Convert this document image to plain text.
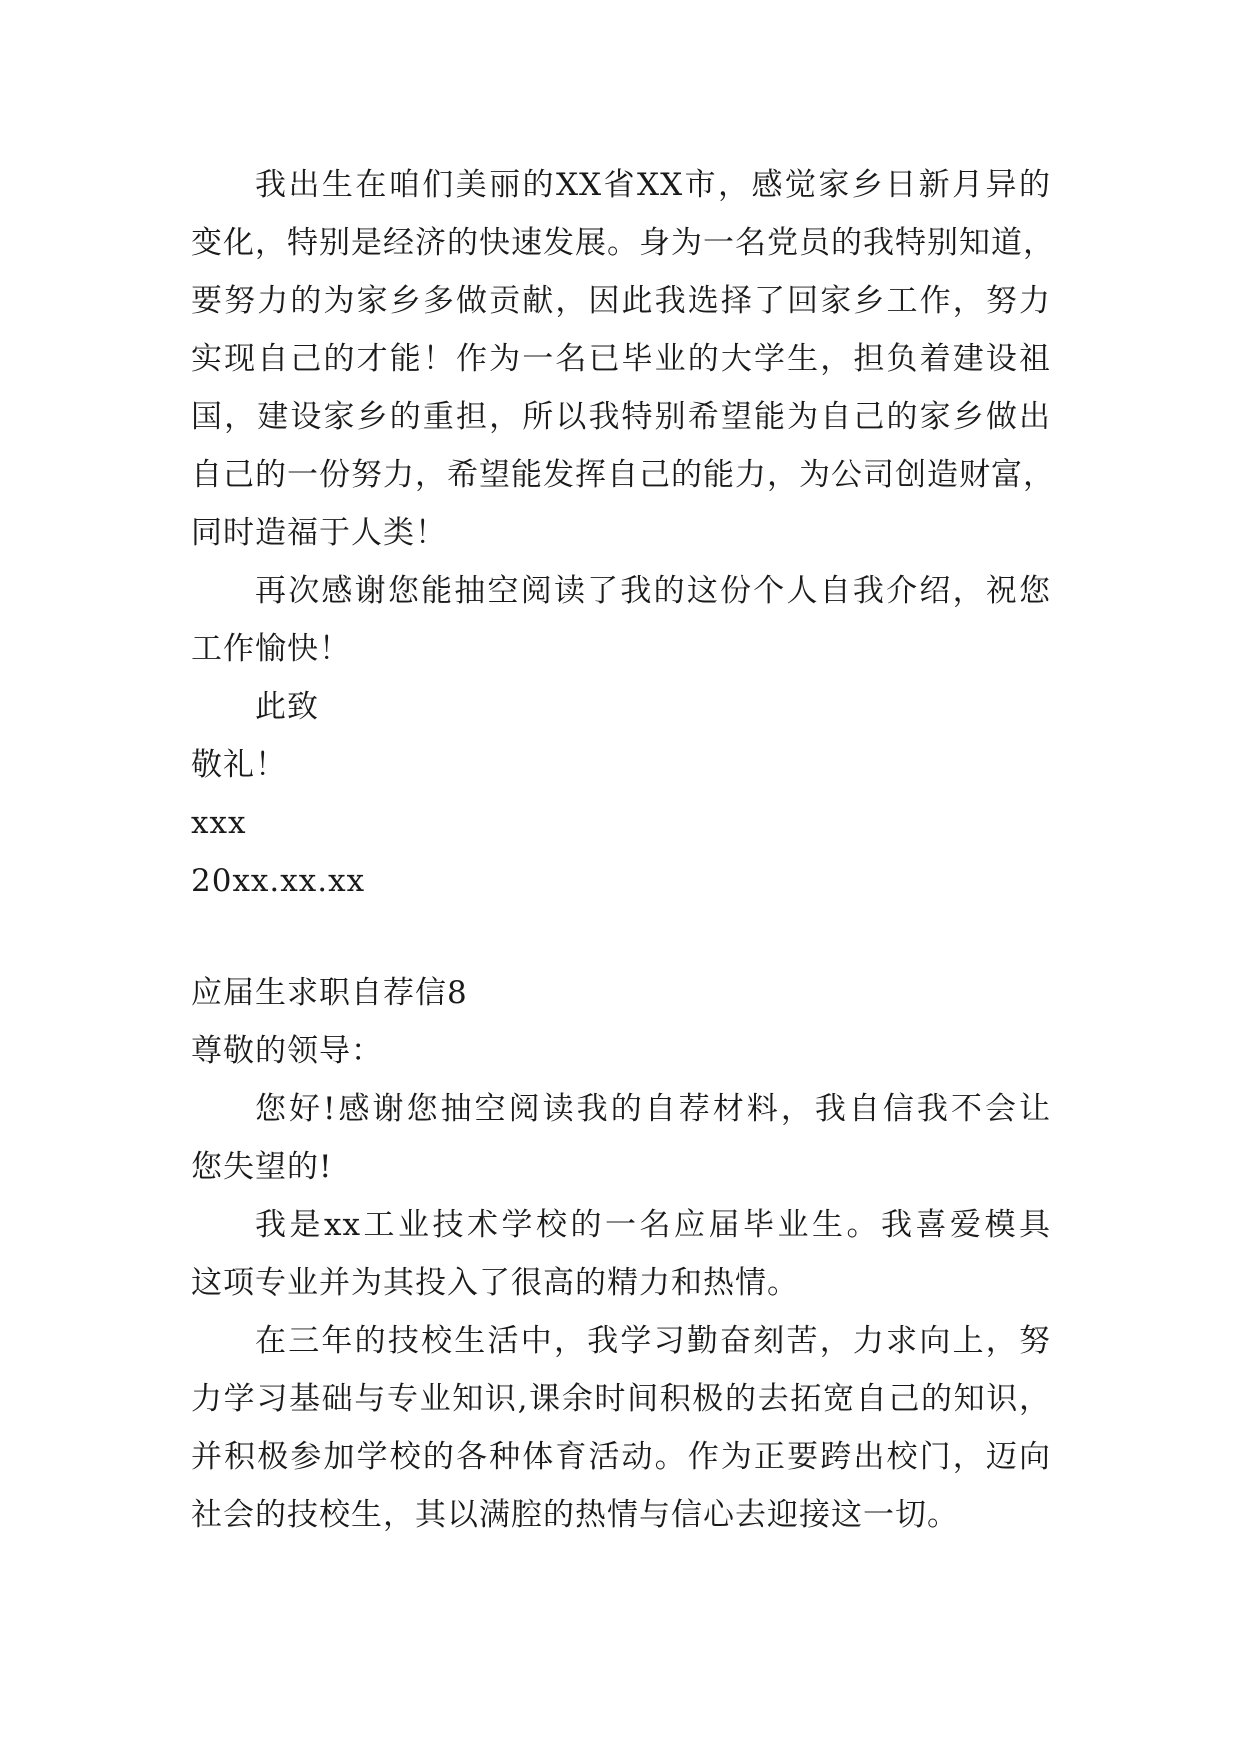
我出生在咱们美丽的XX省XX市，感觉家乡日新月异的
变化，特别是经济的快速发展。身为一名党员的我特别知道，
要努力的为家乡多做贡献，因此我选择了回家乡工作，努力
实现自己的才能！作为一名已毕业的大学生，担负着建设祖
国，建设家乡的重担，所以我特别希望能为自己的家乡做出
自己的一份努力，希望能发挥自己的能力，为公司创造财富，
同时造福于人类！
再次感谢您能抽空阅读了我的这份个人自我介绍，祝您
工作愉快！
此致
敬礼！
xxx
20xx.xx.xx
应届生求职自荐信8
尊敬的领导：
您好!感谢您抽空阅读我的自荐材料，我自信我不会让
您失望的!
我是xx工业技术学校的一名应届毕业生。我喜爱模具
这项专业并为其投入了很高的精力和热情。
在三年的技校生活中，我学习勤奋刻苦，力求向上，努
力学习基础与专业知识,课余时间积极的去拓宽自己的知识，
并积极参加学校的各种体育活动。作为正要跨出校门，迈向
社会的技校生，其以满腔的热情与信心去迎接这一切。
